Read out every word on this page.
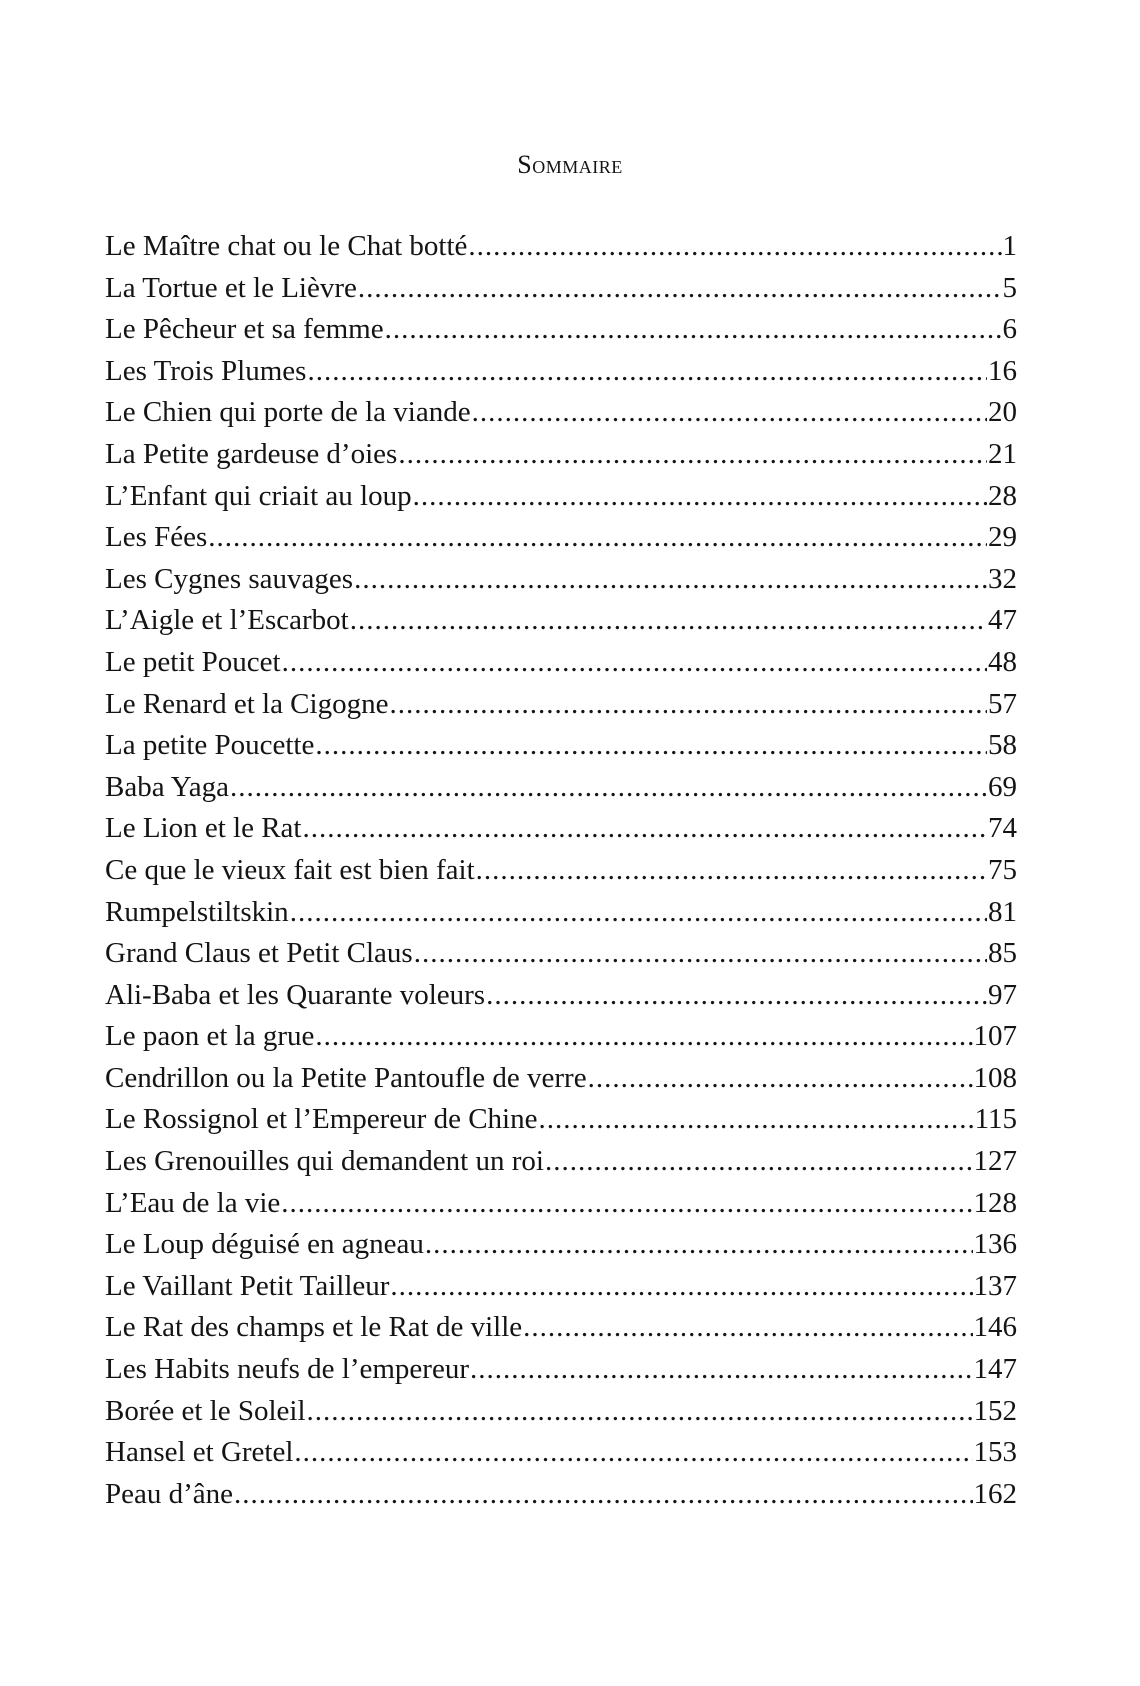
Sommaire
Le Maître chat ou le Chat botté .....	1
La Tortue et le Lièvre .....	5
Le Pêcheur et sa femme .....	6
Les Trois Plumes .....	16
Le Chien qui porte de la viande .....	20
La Petite gardeuse d’oies .....	21
L’Enfant qui criait au loup .....	28
Les Fées .....	29
Les Cygnes sauvages .....	32
L’Aigle et l’Escarbot .....	47
Le petit Poucet .....	48
Le Renard et la Cigogne .....	57
La petite Poucette .....	58
Baba Yaga .....	69
Le Lion et le Rat .....	74
Ce que le vieux fait est bien fait .....	75
Rumpelstiltskin .....	81
Grand Claus et Petit Claus .....	85
Ali-Baba et les Quarante voleurs .....	97
Le paon et la grue .....	107
Cendrillon ou la Petite Pantoufle de verre .....	108
Le Rossignol et l’Empereur de Chine .....	115
Les Grenouilles qui demandent un roi .....	127
L’Eau de la vie .....	128
Le Loup déguisé en agneau .....	136
Le Vaillant Petit Tailleur .....	137
Le Rat des champs et le Rat de ville .....	146
Les Habits neufs de l’empereur .....	147
Borée et le Soleil .....	152
Hansel et Gretel .....	153
Peau d’âne .....	162
